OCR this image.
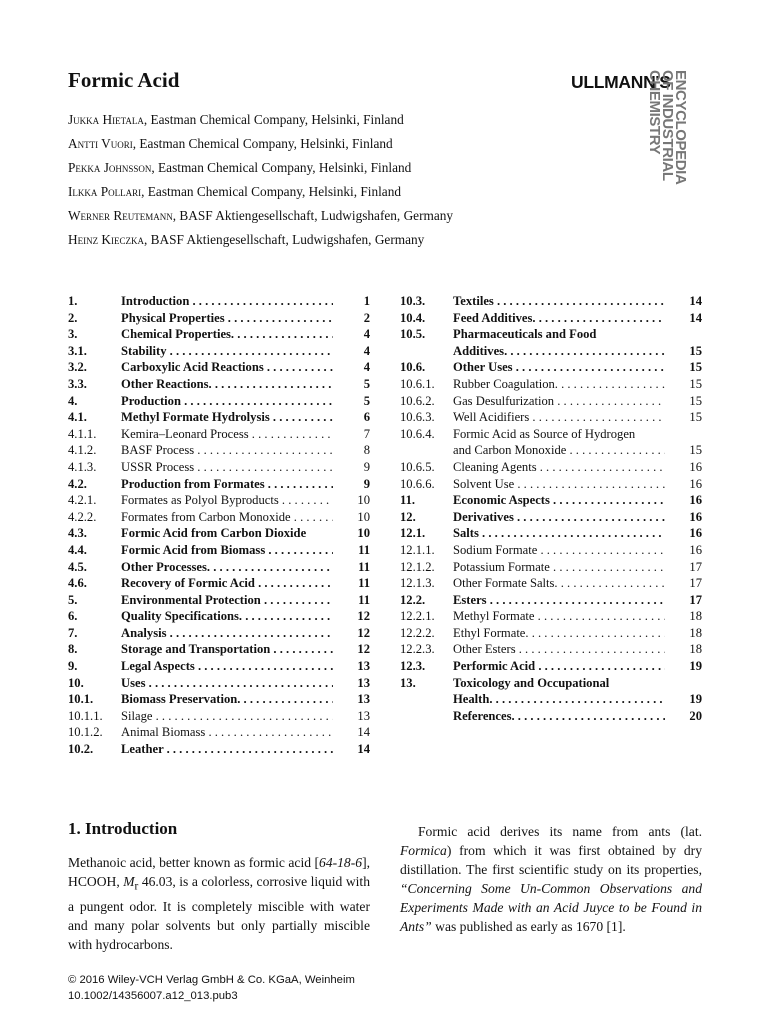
Formic Acid	ULLMANN'S ENCYCLOPEDIA
OF INDUSTRIAL
CHEMISTRY
Jukka Hietala, Eastman Chemical Company, Helsinki, Finland
Antti Vuori, Eastman Chemical Company, Helsinki, Finland
Pekka Johnsson, Eastman Chemical Company, Helsinki, Finland
Ilkka Pollari, Eastman Chemical Company, Helsinki, Finland
Werner Reutemann, BASF Aktiengesellschaft, Ludwigshafen, Germany
Heinz Kieczka, BASF Aktiengesellschaft, Ludwigshafen, Germany
1.	Introduction . . .	1
2.	Physical Properties . . .	2
3.	Chemical Properties. . . .	4
3.1.	Stability . . .	4
3.2.	Carboxylic Acid Reactions . . .	4
3.3.	Other Reactions. . . .	5
4.	Production . . .	5
4.1.	Methyl Formate Hydrolysis . . .	6
4.1.1. Kemira–Leonard Process . . .	7
4.1.2. BASF Process . . .	8
4.1.3. USSR Process . . .	9
4.2.	Production from Formates . . .	9
4.2.1. Formates as Polyol Byproducts . . .	10
4.2.2. Formates from Carbon Monoxide . . .	10
4.3.	Formic Acid from Carbon Dioxide	10
4.4.	Formic Acid from Biomass . . .	11
4.5.	Other Processes. . . .	11
4.6.	Recovery of Formic Acid . . .	11
5.	Environmental Protection . . .	11
6.	Quality Specifications. . . .	12
7.	Analysis . . .	12
8.	Storage and Transportation . . .	12
9.	Legal Aspects . . .	13
10.	Uses . . .	13
10.1. Biomass Preservation. . . .	13
10.1.1. Silage . . .	13
10.1.2. Animal Biomass . . .	14
10.2. Leather . . .	14
10.3. Textiles . . .	14
10.4. Feed Additives. . . .	14
10.5. Pharmaceuticals and Food
Additives. . . .	15
10.6. Other Uses . . .	15
10.6.1. Rubber Coagulation. . . .	15
10.6.2. Gas Desulfurization . . .	15
10.6.3. Well Acidifiers . . .	15
10.6.4. Formic Acid as Source of Hydrogen
and Carbon Monoxide . . .	15
10.6.5. Cleaning Agents . . .	16
10.6.6. Solvent Use . . .	16
11.	Economic Aspects . . .	16
12.	Derivatives . . .	16
12.1. Salts . . .	16
12.1.1. Sodium Formate . . .	16
12.1.2. Potassium Formate . . .	17
12.1.3. Other Formate Salts. . . .	17
12.2. Esters . . .	17
12.2.1. Methyl Formate . . .	18
12.2.2. Ethyl Formate. . . .	18
12.2.3. Other Esters . . .	18
12.3. Performic Acid . . .	19
13.	Toxicology and Occupational
Health. . . .	19
References. . . .	20
1. Introduction
Methanoic acid, better known as formic acid [64-18-6], HCOOH, $M_r$ 46.03, is a colorless, corrosive liquid with a pungent odor. It is completely miscible with water and many polar solvents but only partially miscible with hydrocarbons.
Formic acid derives its name from ants (lat. Formica) from which it was first obtained by dry distillation. The first scientific study on its properties, “Concerning Some Un-Common Observations and Experiments Made with an Acid Juyce to be Found in Ants” was published as early as 1670 [1].
© 2016 Wiley-VCH Verlag GmbH & Co. KGaA, Weinheim
10.1002/14356007.a12_013.pub3
